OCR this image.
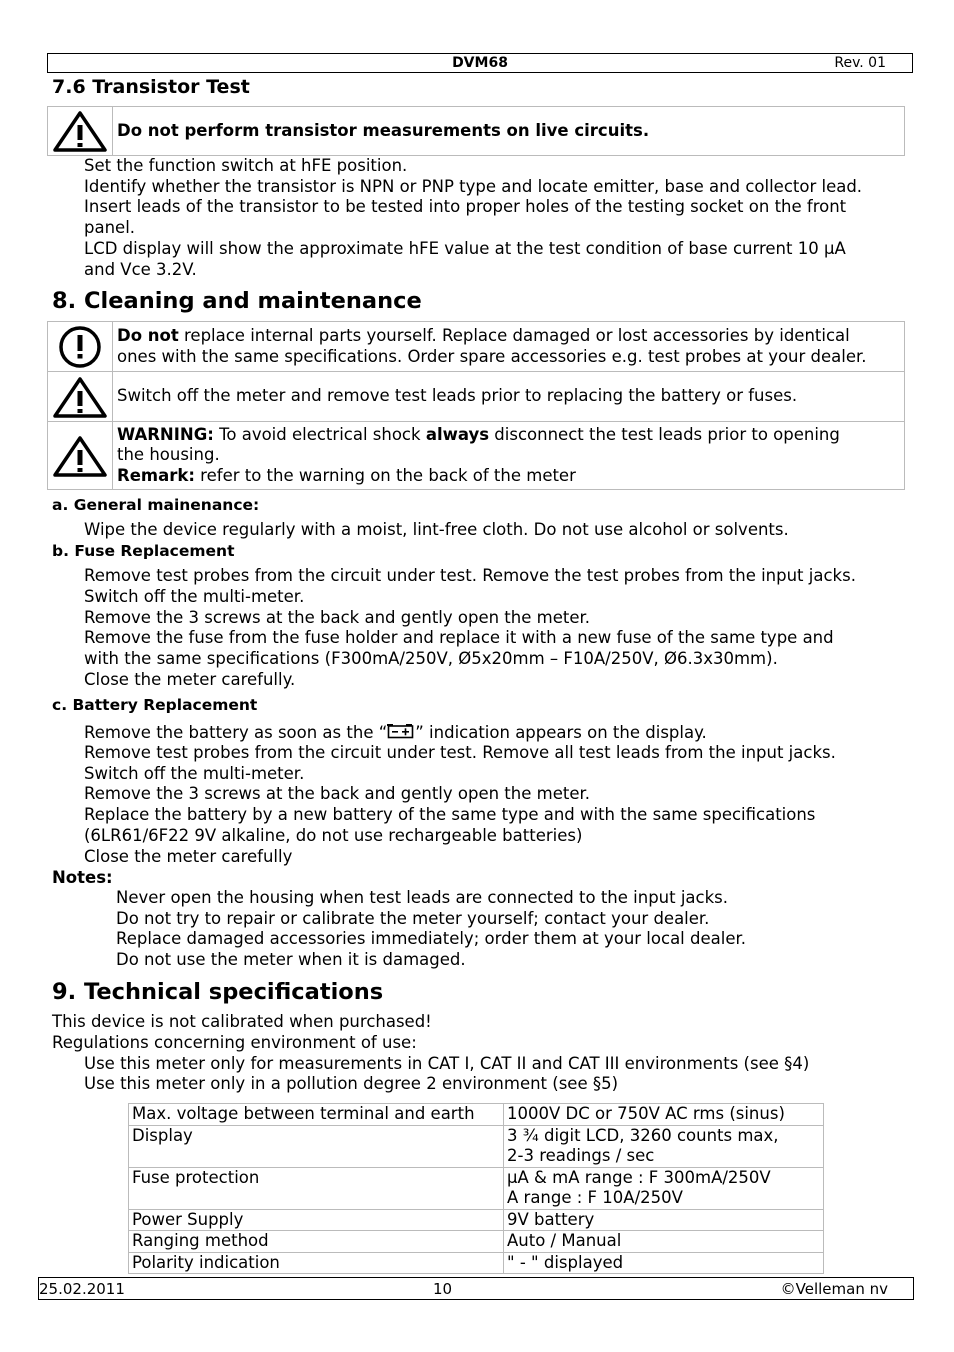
DVM68	Rev. 01
7.6 Transistor Test
	Do not perform transistor measurements on live circuits.
Set the function switch at hFE position.
Identify whether the transistor is NPN or PNP type and locate emitter, base and collector lead.
Insert leads of the transistor to be tested into proper holes of the testing socket on the front
panel.
LCD display will show the approximate hFE value at the test condition of base current 10 µA
and Vce 3.2V.
8. Cleaning and maintenance
	Do not replace internal parts yourself. Replace damaged or lost accessories by identical
ones with the same specifications. Order spare accessories e.g. test probes at your dealer.

	Switch off the meter and remove test leads prior to replacing the battery or fuses.

	WARNING: To avoid electrical shock always disconnect the test leads prior to opening
the housing.
Remark: refer to the warning on the back of the meter
a. General mainenance:
Wipe the device regularly with a moist, lint-free cloth. Do not use alcohol or solvents.
b. Fuse Replacement
Remove test probes from the circuit under test. Remove the test probes from the input jacks.
Switch off the multi-meter.
Remove the 3 screws at the back and gently open the meter.
Remove the fuse from the fuse holder and replace it with a new fuse of the same type and
with the same specifications (F300mA/250V, Ø5x20mm – F10A/250V, Ø6.3x30mm).
Close the meter carefully.
c. Battery Replacement
Remove the battery as soon as the “ ” indication appears on the display.
Remove test probes from the circuit under test. Remove all test leads from the input jacks.
Switch off the multi-meter.
Remove the 3 screws at the back and gently open the meter.
Replace the battery by a new battery of the same type and with the same specifications
(6LR61/6F22 9V alkaline, do not use rechargeable batteries)
Close the meter carefully
Notes:
Never open the housing when test leads are connected to the input jacks.
Do not try to repair or calibrate the meter yourself; contact your dealer.
Replace damaged accessories immediately; order them at your local dealer.
Do not use the meter when it is damaged.
9. Technical specifications
This device is not calibrated when purchased!
Regulations concerning environment of use:
Use this meter only for measurements in CAT I, CAT II and CAT III environments (see §4)
Use this meter only in a pollution degree 2 environment (see §5)
Max. voltage between terminal and earth	1000V DC or 750V AC rms (sinus)

Display	3 ¾ digit LCD, 3260 counts max,
2-3 readings / sec

Fuse protection	µA & mA range : F 300mA/250V
A range : F 10A/250V

Power Supply	9V battery

Ranging method	Auto / Manual

Polarity indication	" - " displayed
25.02.2011	10	©Velleman nv
